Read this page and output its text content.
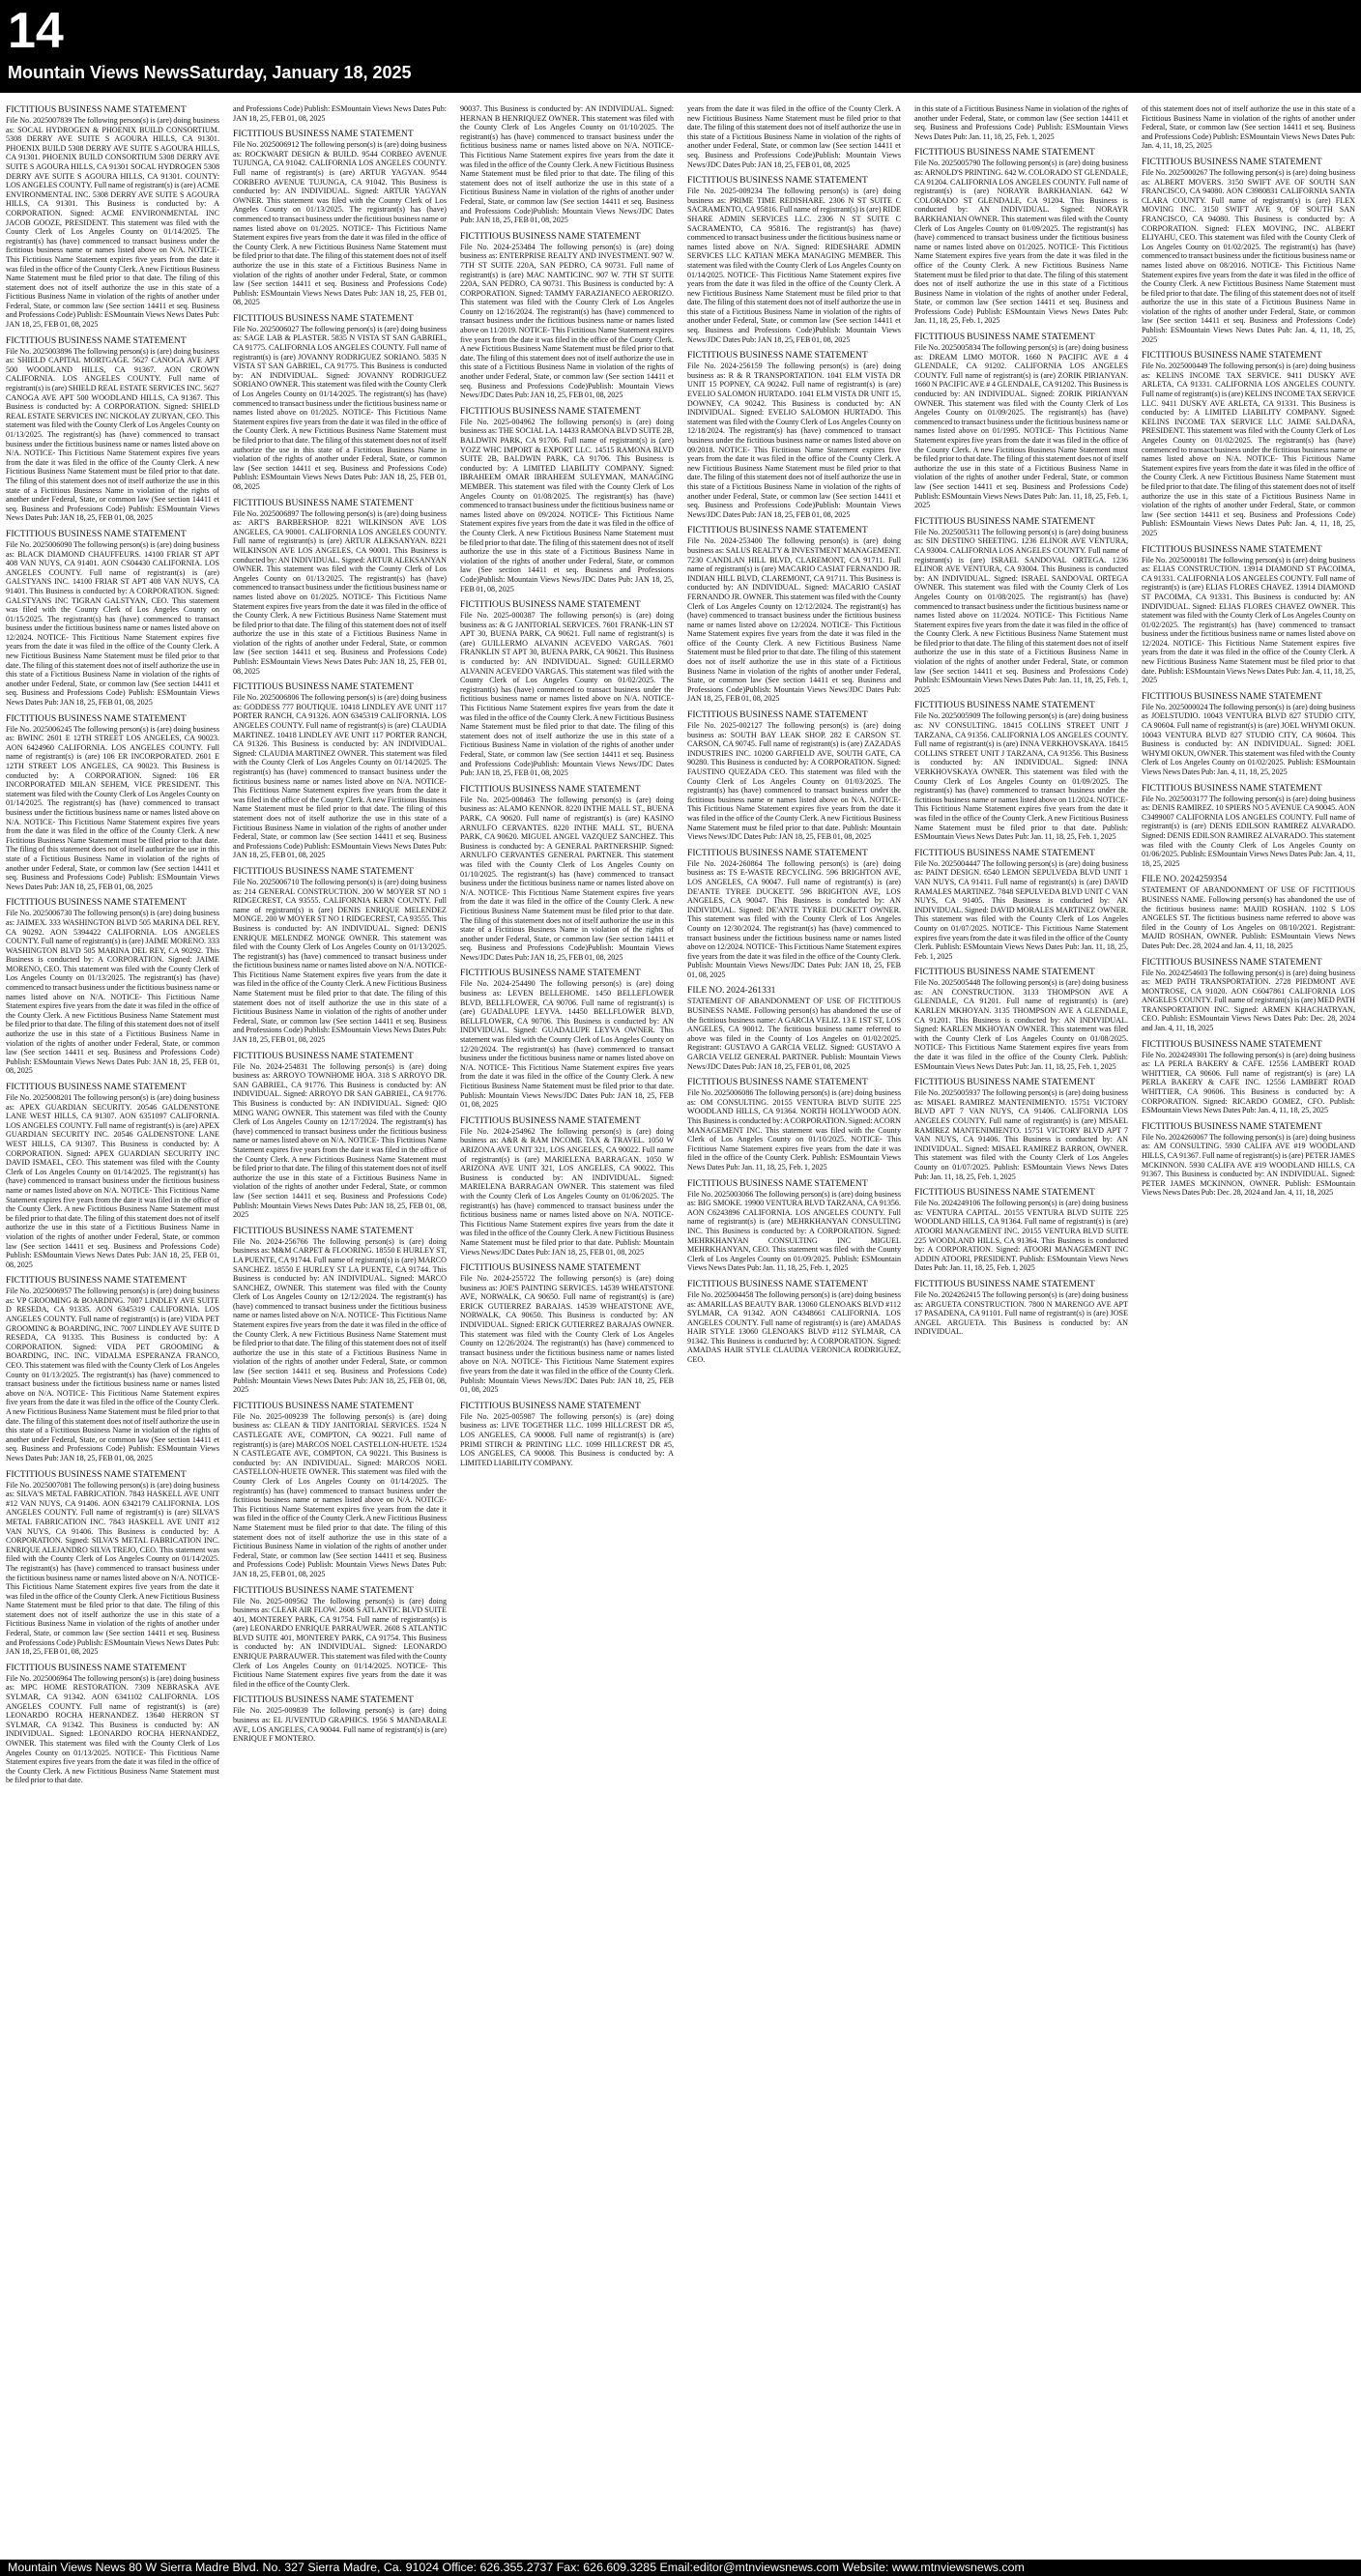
14
Mountain Views NewsSaturday, January 18, 2025
FICTITIOUS BUSINESS NAME STATEMENT

File No. 2025007839 The following person(s) is (are) doing business as: SOCAL HYDROGEN & PHOENIX BUILD CONSORTIUM. 5308 DERRY AVE SUITE S AGOURA HILLS, CA 91301. PHOENIX BUILD 5308 DERRY AVE SUITE S AGOURA HILLS, CA 91301. PHOENIX BUILD CONSORTIUM 5308 DERRY AVE SUITE S AGOURA HILLS, CA 91301 SOCAL HYDROGEN 5308 DERRY AVE SUITE S AGOURA HILLS, CA 91301. COUNTY: LOS ANGELES COUNTY. Full name of registrant(s) is (are) ACME ENVIRONMENTAL INC. 5308 DERRY AVE SUITE S AGOURA HILLS, CA 91301. This Business is conducted by: A CORPORATION. Signed: ACME ENVIRONMENTAL INC JACOB GOOZE, PRESIDENT. This statement was filed with the County Clerk of Los Angeles County on 01/14/2025. The registrant(s) has (have) commenced to transact business under the fictitious business name or names listed above on N/A. NOTICE- This Fictitious Name Statement expires five years from the date it was filed in the office of the County Clerk. A new Fictitious Business Name Statement must be filed prior to that date. The filing of this statement does not of itself authorize the use in this state of a Fictitious Business Name in violation of the rights of another under Federal, State, or common law (See section 14411 et seq. Business and Professions Code) Publish: ESMountain Views News Dates Pub: JAN 18, 25, FEB 01, 08, 2025

FICTITIOUS BUSINESS NAME STATEMENT

File No. 2025003896 The following person(s) is (are) doing business as: SHIELD CAPITAL MORTGAGE. 5627 CANOGA AVE APT 500 WOODLAND HILLS, CA 91367. AON CROWN CALIFORNIA. LOS ANGELES COUNTY. Full name of registrant(s) is (are) SHIELD REAL ESTATE SERVICES INC. 5627 CANOGA AVE APT 500 WOODLAND HILLS, CA 91367. This Business is conducted by: A CORPORATION. Signed: SHIELD REAL ESTATE SERVICES INC NICKOLAY ZURYAN, CEO. This statement was filed with the County Clerk of Los Angeles County on 01/13/2025. The registrant(s) has (have) commenced to transact business under the fictitious business name or names listed above on N/A. NOTICE- This Fictitious Name Statement expires five years from the date it was filed in the office of the County Clerk. A new Fictitious Business Name Statement must be filed prior to that date. The filing of this statement does not of itself authorize the use in this state of a Fictitious Business Name in violation of the rights of another under Federal, State, or common law (See section 14411 et seq. Business and Professions Code) Publish: ESMountain Views News Dates Pub: JAN 18, 25, FEB 01, 08, 2025

FICTITIOUS BUSINESS NAME STATEMENT

File No. 2025006090 The following person(s) is (are) doing business as: BLACK DIAMOND CHAUFFEURS. 14100 FRIAR ST APT 408 VAN NUYS, CA 91401. AON CS04430 CALIFORNIA. LOS ANGELES COUNTY. Full name of registrant(s) is (are) GALSTYANS INC. 14100 FRIAR ST APT 408 VAN NUYS, CA 91401. This Business is conducted by: A CORPORATION. Signed: GALSTYANS INC TIGRAN GALSTYAN, CEO. This statement was filed with the County Clerk of Los Angeles County on 01/15/2025. The registrant(s) has (have) commenced to transact business under the fictitious business name or names listed above on 12/2024. NOTICE- This Fictitious Name Statement expires five years from the date it was filed in the office of the County Clerk. A new Fictitious Business Name Statement must be filed prior to that date. The filing of this statement does not of itself authorize the use in this state of a Fictitious Business Name in violation of the rights of another under Federal, State, or common law (See section 14411 et seq. Business and Professions Code) Publish: ESMountain Views News Dates Pub: JAN 18, 25, FEB 01, 08, 2025

FICTITIOUS BUSINESS NAME STATEMENT

File No. 2025006245 The following person(s) is (are) doing business as: BWINC 2601 E 12TH STREET LOS ANGELES, CA 90023. AON 6424960 CALIFORNIA. LOS ANGELES COUNTY. Full name of registrant(s) is (are) 106 ER INCORPORATED. 2601 E 12TH STREET LOS ANGELES, CA 90023. This Business is conducted by: A CORPORATION. Signed: 106 ER INCORPORATED MILAN SEHEM, VICE PRESIDENT. This statement was filed with the County Clerk of Los Angeles County on 01/14/2025. The registrant(s) has (have) commenced to transact business under the fictitious business name or names listed above on N/A. NOTICE- This Fictitious Name Statement expires five years from the date it was filed in the office of the County Clerk. A new Fictitious Business Name Statement must be filed prior to that date. The filing of this statement does not of itself authorize the use in this state of a Fictitious Business Name in violation of the rights of another under Federal, State, or common law (See section 14411 et seq. Business and Professions Code) Publish: ESMountain Views News Dates Pub: JAN 18, 25, FEB 01, 08, 2025

FICTITIOUS BUSINESS NAME STATEMENT

File No. 2025006730 The following person(s) is (are) doing business as: JAIMEX. 333 WASHINGTON BLVD 505 MARINA DEL REY, CA 90292. AON 5394422 CALIFORNIA. LOS ANGELES COUNTY. Full name of registrant(s) is (are) JAIME MORENO. 333 WASHINGTON BLVD 505 MARINA DEL REY, CA 90292. This Business is conducted by: A CORPORATION. Signed: JAIME MORENO, CEO. This statement was filed with the County Clerk of Los Angeles County on 01/13/2025. The registrant(s) has (have) commenced to transact business under the fictitious business name or names listed above on N/A. NOTICE- This Fictitious Name Statement expires five years from the date it was filed in the office of the County Clerk. A new Fictitious Business Name Statement must be filed prior to that date. The filing of this statement does not of itself authorize the use in this state of a Fictitious Business Name in violation of the rights of another under Federal, State, or common law (See section 14411 et seq. Business and Professions Code) Publish: ESMountain Views News Dates Pub: JAN 18, 25, FEB 01, 08, 2025

FICTITIOUS BUSINESS NAME STATEMENT

File No. 2025008201 The following person(s) is (are) doing business as: APEX GUARDIAN SECURITY. 20546 GALDENSTONE LANE WEST HILLS, CA 91307. AON 6351097 CALIFORNIA. LOS ANGELES COUNTY. Full name of registrant(s) is (are) APEX GUARDIAN SECURITY INC. 20546 GALDENSTONE LANE WEST HILLS, CA 91307. This Business is conducted by: A CORPORATION. Signed: APEX GUARDIAN SECURITY INC DAVID ISMAEL, CEO. This statement was filed with the County Clerk of Los Angeles County on 01/14/2025. The registrant(s) has (have) commenced to transact business under the fictitious business name or names listed above on N/A. NOTICE- This Fictitious Name Statement expires five years from the date it was filed in the office of the County Clerk. A new Fictitious Business Name Statement must be filed prior to that date. The filing of this statement does not of itself authorize the use in this state of a Fictitious Business Name in violation of the rights of another under Federal, State, or common law (See section 14411 et seq. Business and Professions Code) Publish: ESMountain Views News Dates Pub: JAN 18, 25, FEB 01, 08, 2025

FICTITIOUS BUSINESS NAME STATEMENT

File No. 2025006957 The following person(s) is (are) doing business as: VP GROOMING & BOARDING. 7007 LINDLEY AVE SUITE D RESEDA, CA 91335. AON 6345319 CALIFORNIA. LOS ANGELES COUNTY. Full name of registrant(s) is (are) VIDA PET GROOMING & BOARDING, INC. 7007 LINDLEY AVE SUITE D RESEDA, CA 91335. This Business is conducted by: A CORPORATION. Signed: VIDA PET GROOMING & BOARDING, INC. INC. VIDALMA ESPERANZA FRANCO, CEO. This statement was filed with the County Clerk of Los Angeles County on 01/13/2025. The registrant(s) has (have) commenced to transact business under the fictitious business name or names listed above on N/A. NOTICE- This Fictitious Name Statement expires five years from the date it was filed in the office of the County Clerk. A new Fictitious Business Name Statement must be filed prior to that date. The filing of this statement does not of itself authorize the use in this state of a Fictitious Business Name in violation of the rights of another under Federal, State, or common law (See section 14411 et seq. Business and Professions Code) Publish: ESMountain Views News Dates Pub: JAN 18, 25, FEB 01, 08, 2025

FICTITIOUS BUSINESS NAME STATEMENT

File No. 2025007081 The following person(s) is (are) doing business as: SILVA'S METAL FABRICATION. 7843 HASKELL AVE UNIT #12 VAN NUYS, CA 91406. AON 6342179 CALIFORNIA. LOS ANGELES COUNTY. Full name of registrant(s) is (are) SILVA'S METAL FABRICATION INC. 7843 HASKELL AVE UNIT #12 VAN NUYS, CA 91406. This Business is conducted by: A CORPORATION. Signed: SILVA'S METAL FABRICATION INC. ENRIQUE ALEJANDRO SILVA TREJO, CEO. This statement was filed with the County Clerk of Los Angeles County on 01/14/2025. The registrant(s) has (have) commenced to transact business under the fictitious business name or names listed above on N/A. NOTICE- This Fictitious Name Statement expires five years from the date it was filed in the office of the County Clerk. A new Fictitious Business Name Statement must be filed prior to that date. The filing of this statement does not of itself authorize the use in this state of a Fictitious Business Name in violation of the rights of another under Federal, State, or common law (See section 14411 et seq. Business and Professions Code) Publish: ESMountain Views News Dates Pub: JAN 18, 25, FEB 01, 08, 2025

FICTITIOUS BUSINESS NAME STATEMENT

File No. 2025006964 The following person(s) is (are) doing business as: MPC HOME RESTORATION. 7309 NEBRASKA AVE SYLMAR, CA 91342. AON 6341102 CALIFORNIA. LOS ANGELES COUNTY. Full name of registrant(s) is (are) LEONARDO ROCHA HERNANDEZ. 13640 HERRON ST SYLMAR, CA 91342. This Business is conducted by: AN INDIVIDUAL. Signed: LEONARDO ROCHA HERNANDEZ, OWNER. This statement was filed with the County Clerk of Los Angeles County on 01/13/2025. NOTICE- This Fictitious Name Statement expires five years from the date it was filed in the office of the County Clerk. A new Fictitious Business Name Statement must be filed prior to that date.

and Professions Code) Publish: ESMountain Views News Dates Pub: JAN 18, 25, FEB 01, 08, 2025

FICTITIOUS BUSINESS NAME STATEMENT

File No. 2025006912 The following person(s) is (are) doing business as: ROCKWART DESIGN & BUILD. 9544 CORBEO AVENUE TUJUNGA, CA 91042. CALIFORNIA LOS ANGELES COUNTY. Full name of registrant(s) is (are) ARTUR YAGYAN. 9544 CORBERO AVENUE TUJUNGA, CA 91042. This Business is conducted by: AN INDIVIDUAL. Signed: ARTUR YAGYAN OWNER. This statement was filed with the County Clerk of Los Angeles County on 01/13/2025. The registrant(s) has (have) commenced to transact business under the fictitious business name or names listed above on 01/2025. NOTICE- This Fictitious Name Statement expires five years from the date it was filed in the office of the County Clerk. A new Fictitious Business Name Statement must be filed prior to that date. The filing of this statement does not of itself authorize the use in this state of a Fictitious Business Name in violation of the rights of another under Federal, State, or common law (See section 14411 et seq. Business and Professions Code) Publish: ESMountain Views News Dates Pub: JAN 18, 25, FEB 01, 08, 2025

FICTITIOUS BUSINESS NAME STATEMENT

File No. 2025006027 The following person(s) is (are) doing business as: SAGE LAB & PLASTER. 5835 N VISTA ST SAN GABRIEL, CA 91775. CALIFORNIA LOS ANGELES COUNTY. Full name of registrant(s) is (are) JOVANNY RODRIGUEZ SORIANO. 5835 N VISTA ST SAN GABRIEL, CA 91775. This Business is conducted by: AN INDIVIDUAL. Signed: JOVANNY RODRIGUEZ SORIANO OWNER. This statement was filed with the County Clerk of Los Angeles County on 01/14/2025. The registrant(s) has (have) commenced to transact business under the fictitious business name or names listed above on 01/2025. NOTICE- This Fictitious Name Statement expires five years from the date it was filed in the office of the County Clerk. A new Fictitious Business Name Statement must be filed prior to that date. The filing of this statement does not of itself authorize the use in this state of a Fictitious Business Name in violation of the rights of another under Federal, State, or common law (See section 14411 et seq. Business and Professions Code) Publish: ESMountain Views News Dates Pub: JAN 18, 25, FEB 01, 08, 2025

FICTITIOUS BUSINESS NAME STATEMENT

File No. 2025006897 The following person(s) is (are) doing business as: ART'S BARBERSHOP. 8221 WILKINSON AVE LOS ANGELES, CA 90001. CALIFORNIA LOS ANGELES COUNTY. Full name of registrant(s) is (are) ARTUR ALEKSANYAN. 8221 WILKINSON AVE LOS ANGELES, CA 90001. This Business is conducted by: AN INDIVIDUAL. Signed: ARTUR ALEKSANYAN OWNER. This statement was filed with the County Clerk of Los Angeles County on 01/13/2025. The registrant(s) has (have) commenced to transact business under the fictitious business name or names listed above on 01/2025. NOTICE- This Fictitious Name Statement expires five years from the date it was filed in the office of the County Clerk. A new Fictitious Business Name Statement must be filed prior to that date. The filing of this statement does not of itself authorize the use in this state of a Fictitious Business Name in violation of the rights of another under Federal, State, or common law (See section 14411 et seq. Business and Professions Code) Publish: ESMountain Views News Dates Pub: JAN 18, 25, FEB 01, 08, 2025

FICTITIOUS BUSINESS NAME STATEMENT

File No. 2025006806 The following person(s) is (are) doing business as: GODDESS 777 BOUTIQUE. 10418 LINDLEY AVE UNIT 117 PORTER RANCH, CA 91326. AON 6345319 CALIFORNIA. LOS ANGELES COUNTY. Full name of registrant(s) is (are) CLAUDIA MARTINEZ. 10418 LINDLEY AVE UNIT 117 PORTER RANCH, CA 91326. This Business is conducted by: AN INDIVIDUAL. Signed: CLAUDIA MARTINEZ OWNER. This statement was filed with the County Clerk of Los Angeles County on 01/14/2025. The registrant(s) has (have) commenced to transact business under the fictitious business name or names listed above on N/A. NOTICE- This Fictitious Name Statement expires five years from the date it was filed in the office of the County Clerk. A new Fictitious Business Name Statement must be filed prior to that date. The filing of this statement does not of itself authorize the use in this state of a Fictitious Business Name in violation of the rights of another under Federal, State, or common law (See section 14411 et seq. Business and Professions Code) Publish: ESMountain Views News Dates Pub: JAN 18, 25, FEB 01, 08, 2025

FICTITIOUS BUSINESS NAME STATEMENT

File No. 2025006710 The following person(s) is (are) doing business as: 214 GENERAL CONSTRUCTION. 200 W MOYER ST NO 1 RIDGECREST, CA 93555. CALIFORNIA KERN COUNTY. Full name of registrant(s) is (are) DENIS ENRIQUE MELENDEZ MONGE. 200 W MOYER ST NO 1 RIDGECREST, CA 93555. This Business is conducted by: AN INDIVIDUAL. Signed: DENIS ENRIQUE MELENDEZ MONGE OWNER. This statement was filed with the County Clerk of Los Angeles County on 01/13/2025. The registrant(s) has (have) commenced to transact business under the fictitious business name or names listed above on N/A. NOTICE- This Fictitious Name Statement expires five years from the date it was filed in the office of the County Clerk. A new Fictitious Business Name Statement must be filed prior to that date. The filing of this statement does not of itself authorize the use in this state of a Fictitious Business Name in violation of the rights of another under Federal, State, or common law (See section 14411 et seq. Business and Professions Code) Publish: ESMountain Views News Dates Pub: JAN 18, 25, FEB 01, 08, 2025

FICTITIOUS BUSINESS NAME STATEMENT

File No. 2024-254831 The following person(s) is (are) doing business as: ARROYO TOWNHOME HOA. 318 S ARROYO DR. SAN GABRIEL, CA 91776. This Business is conducted by: AN INDIVIDUAL. Signed: ARROYO DR SAN GABRIEL, CA 91776. This Business is conducted by: AN INDIVIDUAL. Signed: QIO MING WANG OWNER. This statement was filed with the County Clerk of Los Angeles County on 12/17/2024. The registrant(s) has (have) commenced to transact business under the fictitious business name or names listed above on N/A. NOTICE- This Fictitious Name Statement expires five years from the date it was filed in the office of the County Clerk. A new Fictitious Business Name Statement must be filed prior to that date. The filing of this statement does not of itself authorize the use in this state of a Fictitious Business Name in violation of the rights of another under Federal, State, or common law (See section 14411 et seq. Business and Professions Code) Publish: Mountain Views News Dates Pub: JAN 18, 25, FEB 01, 08, 2025

FICTITIOUS BUSINESS NAME STATEMENT

File No. 2024-256766 The following person(s) is (are) doing business as: M&M CARPET & FLOORING. 18550 E HURLEY ST, LA PUENTE, CA 91744. Full name of registrant(s) is (are) MARCO SANCHEZ. 18550 E HURLEY ST LA PUENTE, CA 91744. This Business is conducted by: AN INDIVIDUAL. Signed: MARCO SANCHEZ, OWNER. This statement was filed with the County Clerk of Los Angeles County on 12/12/2024. The registrant(s) has (have) commenced to transact business under the fictitious business name or names listed above on N/A. NOTICE- This Fictitious Name Statement expires five years from the date it was filed in the office of the County Clerk. A new Fictitious Business Name Statement must be filed prior to that date. The filing of this statement does not of itself authorize the use in this state of a Fictitious Business Name in violation of the rights of another under Federal, State, or common law (See section 14411 et seq. Business and Professions Code) Publish: Mountain Views News Dates Pub: JAN 18, 25, FEB 01, 08, 2025

FICTITIOUS BUSINESS NAME STATEMENT

File No. 2025-009239 The following person(s) is (are) doing business as: CLEAN & TIDY JANITORIAL SERVICES. 1524 N CASTLEGATE AVE, COMPTON, CA 90221. Full name of registrant(s) is (are) MARCOS NOEL CASTELLON-HUETE. 1524 N CASTLEGATE AVE, COMPTON, CA 90221. This Business is conducted by: AN INDIVIDUAL. Signed: MARCOS NOEL CASTELLON-HUETE OWNER. This statement was filed with the County Clerk of Los Angeles County on 01/14/2025. The registrant(s) has (have) commenced to transact business under the fictitious business name or names listed above on N/A. NOTICE- This Fictitious Name Statement expires five years from the date it was filed in the office of the County Clerk. A new Fictitious Business Name Statement must be filed prior to that date. The filing of this statement does not of itself authorize the use in this state of a Fictitious Business Name in violation of the rights of another under Federal, State, or common law (See section 14411 et seq. Business and Professions Code) Publish: Mountain Views News Dates Pub: JAN 18, 25, FEB 01, 08, 2025

FICTITIOUS BUSINESS NAME STATEMENT

File No. 2025-009562 The following person(s) is (are) doing business as: CLEAR AIR FLOW. 2608 S ATLANTIC BLVD SUITE 401, MONTEREY PARK, CA 91754. Full name of registrant(s) is (are) LEONARDO ENRIQUE PARRAUWER. 2608 S ATLANTIC BLVD SUITE 401, MONTEREY PARK, CA 91754. This Business is conducted by: AN INDIVIDUAL. Signed: LEONARDO ENRIQUE PARRAUWER. This statement was filed with the County Clerk of Los Angeles County on 01/14/2025. NOTICE- This Fictitious Name Statement expires five years from the date it was filed in the office of the County Clerk.

FICTITIOUS BUSINESS NAME STATEMENT

File No. 2025-009839 The following person(s) is (are) doing business as: EL JUVENTUD GRAPHICS. 1956 S MANDARALE AVE, LOS ANGELES, CA 90044. Full name of registrant(s) is (are) ENRIQUE F MONTERO.

90037. This Business is conducted by: AN INDIVIDUAL. Signed: HERNAN B HENRIQUEZ OWNER. This statement was filed with the County Clerk of Los Angeles County on 01/10/2025. The registrant(s) has (have) commenced to transact business under the fictitious business name or names listed above on N/A. NOTICE- This Fictitious Name Statement expires five years from the date it was filed in the office of the County Clerk. A new Fictitious Business Name Statement must be filed prior to that date. The filing of this statement does not of itself authorize the use in this state of a Fictitious Business Name in violation of the rights of another under Federal, State, or common law (See section 14411 et seq. Business and Professions Code)Publish: Mountain Views News/JDC Dates Pub: JAN 18, 25, FEB 01, 08, 2025

FICTITIOUS BUSINESS NAME STATEMENT

File No. 2024-253484 The following person(s) is (are) doing business as: ENTERPRISE REALTY AND INVESTMENT. 907 W. 7TH ST SUITE 220A, SAN PEDRO, CA 90731. Full name of registrant(s) is (are) MAC NAMTICINC. 907 W. 7TH ST SUITE 220A, SAN PEDRO, CA 90731. This Business is conducted by: A CORPORATION. Signed: TAMMY FARAZIANECO AERORIZO. This statement was filed with the County Clerk of Los Angeles County on 12/16/2024. The registrant(s) has (have) commenced to transact business under the fictitious business name or names listed above on 11/2019. NOTICE- This Fictitious Name Statement expires five years from the date it was filed in the office of the County Clerk. A new Fictitious Business Name Statement must be filed prior to that date. The filing of this statement does not of itself authorize the use in this state of a Fictitious Business Name in violation of the rights of another under Federal, State, or common law (See section 14411 et seq. Business and Professions Code)Publish: Mountain Views News/JDC Dates Pub: JAN 18, 25, FEB 01, 08, 2025

FICTITIOUS BUSINESS NAME STATEMENT

File No. 2025-004962 The following person(s) is (are) doing business as: THE SOCIAL LA. 14433 RAMONA BLVD SUITE 2B, BALDWIN PARK, CA 91706. Full name of registrant(s) is (are) YOZZ WHC IMPORT & EXPORT LLC. 14515 RAMONA BLVD SUITE 2B, BALDWIN PARK, CA 91706. This Business is conducted by: A LIMITED LIABILITY COMPANY. Signed: IBRAHEEM OMAR IBRAHEEM SULEYMAN, MANAGING MEMBER. This statement was filed with the County Clerk of Los Angeles County on 01/08/2025. The registrant(s) has (have) commenced to transact business under the fictitious business name or names listed above on 09/2024. NOTICE- This Fictitious Name Statement expires five years from the date it was filed in the office of the County Clerk. A new Fictitious Business Name Statement must be filed prior to that date. The filing of this statement does not of itself authorize the use in this state of a Fictitious Business Name in violation of the rights of another under Federal, State, or common law (See section 14411 et seq. Business and Professions Code)Publish: Mountain Views News/JDC Dates Pub: JAN 18, 25, FEB 01, 08, 2025

FICTITIOUS BUSINESS NAME STATEMENT

File No. 2025-000387 The following person(s) is (are) doing business as: & G JANITORIAL SERVICES. 7601 FRANK-LIN ST APT 30, BUENA PARK, CA 90621. Full name of registrant(s) is (are) GUILLERMO ALVANIN ACEVEDO VARGAS. 7601 FRANKLIN ST APT 30, BUENA PARK, CA 90621. This Business is conducted by: AN INDIVIDUAL. Signed: GUILLERMO ALVANIN ACEVEDO VARGAS. This statement was filed with the County Clerk of Los Angeles County on 01/02/2025. The registrant(s) has (have) commenced to transact business under the fictitious business name or names listed above on N/A. NOTICE- This Fictitious Name Statement expires five years from the date it was filed in the office of the County Clerk. A new Fictitious Business Name Statement must be filed prior to that date. The filing of this statement does not of itself authorize the use in this state of a Fictitious Business Name in violation of the rights of another under Federal, State, or common law (See section 14411 et seq. Business and Professions Code)Publish: Mountain Views News/JDC Dates Pub: JAN 18, 25, FEB 01, 08, 2025

FICTITIOUS BUSINESS NAME STATEMENT

File No. 2025-008463 The following person(s) is (are) doing business as: ALAMO KENNOR. 8220 INTHE MALL ST., BUENA PARK, CA 90620. Full name of registrant(s) is (are) KASINO ARNULFO CERVANTES. 8220 INTHE MALL ST., BUENA PARK, CA 90620. MIGUEL ANGEL VAZQUEZ SANCHEZ. This Business is conducted by: A GENERAL PARTNERSHIP. Signed: ARNULFO CERVANTES GENERAL PARTNER. This statement was filed with the County Clerk of Los Angeles County on 01/10/2025. The registrant(s) has (have) commenced to transact business under the fictitious business name or names listed above on N/A. NOTICE- This Fictitious Name Statement expires five years from the date it was filed in the office of the County Clerk. A new Fictitious Business Name Statement must be filed prior to that date. The filing of this statement does not of itself authorize the use in this state of a Fictitious Business Name in violation of the rights of another under Federal, State, or common law (See section 14411 et seq. Business and Professions Code)Publish: Mountain Views News/JDC Dates Pub: JAN 18, 25, FEB 01, 08, 2025

FICTITIOUS BUSINESS NAME STATEMENT

File No. 2024-254490 The following person(s) is (are) doing business as: LEVEN BELLEHOME. 1450 BELLEFLOWER BLVD, BELLFLOWER, CA 90706. Full name of registrant(s) is (are) GUADALUPE LEYVA. 14450 BELLFLOWER BLVD, BELLFLOWER, CA 90706. This Business is conducted by: AN INDIVIDUAL. Signed: GUADALUPE LEYVA OWNER. This statement was filed with the County Clerk of Los Angeles County on 12/20/2024. The registrant(s) has (have) commenced to transact business under the fictitious business name or names listed above on N/A. NOTICE- This Fictitious Name Statement expires five years from the date it was filed in the office of the County Clerk. A new Fictitious Business Name Statement must be filed prior to that date. Publish: Mountain Views News/JDC Dates Pub: JAN 18, 25, FEB 01, 08, 2025

FICTITIOUS BUSINESS NAME STATEMENT

File No. 2024-254962 The following person(s) is (are) doing business as: A&R & RAM INCOME TAX & TRAVEL. 1050 W ARIZONA AVE UNIT 321, LOS ANGELES, CA 90022. Full name of registrant(s) is (are) MARIELENA BARRAGAN. 1050 W ARIZONA AVE UNIT 321, LOS ANGELES, CA 90022. This Business is conducted by: AN INDIVIDUAL. Signed: MARIELENA BARRAGAN OWNER. This statement was filed with the County Clerk of Los Angeles County on 01/06/2025. The registrant(s) has (have) commenced to transact business under the fictitious business name or names listed above on N/A. NOTICE- This Fictitious Name Statement expires five years from the date it was filed in the office of the County Clerk. A new Fictitious Business Name Statement must be filed prior to that date. Publish: Mountain Views News/JDC Dates Pub: JAN 18, 25, FEB 01, 08, 2025

FICTITIOUS BUSINESS NAME STATEMENT

File No. 2024-255722 The following person(s) is (are) doing business as: JOE'S PAINTING SERVICES. 14539 WHEATSTONE AVE, NORWALK, CA 90650. Full name of registrant(s) is (are) ERICK GUTIERREZ BARAJAS. 14539 WHEATSTONE AVE, NORWALK, CA 90650. This Business is conducted by: AN INDIVIDUAL. Signed: ERICK GUTIERREZ BARAJAS OWNER. This statement was filed with the County Clerk of Los Angeles County on 12/26/2024. The registrant(s) has (have) commenced to transact business under the fictitious business name or names listed above on N/A. NOTICE- This Fictitious Name Statement expires five years from the date it was filed in the office of the County Clerk. Publish: Mountain Views News/JDC Dates Pub: JAN 18, 25, FEB 01, 08, 2025

FICTITIOUS BUSINESS NAME STATEMENT

File No. 2025-005987 The following person(s) is (are) doing business as: LIVE TOGETHER LLC. 1099 HILLCREST DR #5, LOS ANGELES, CA 90008. Full name of registrant(s) is (are) PRIMI STIRCH & PRINTING LLC. 1099 HILLCREST DR #5, LOS ANGELES, CA 90008. This Business is conducted by: A LIMITED LIABILITY COMPANY.

years from the date it was filed in the office of the County Clerk. A new Fictitious Business Name Statement must be filed prior to that date. The filing of this statement does not of itself authorize the use in this state of a Fictitious Business Name in violation of the rights of another under Federal, State, or common law (See section 14411 et seq. Business and Professions Code)Publish: Mountain Views News/JDC Dates Pub: JAN 18, 25, FEB 01, 08, 2025

FICTITIOUS BUSINESS NAME STATEMENT

File No. 2025-009234 The following person(s) is (are) doing business as: PRIME TIME REDISHARE. 2306 N ST SUITE C SACRAMENTO, CA 95816. Full name of registrant(s) is (are) RIDE SHARE ADMIN SERVICES LLC. 2306 N ST SUITE C SACRAMENTO, CA 95816. The registrant(s) has (have) commenced to transact business under the fictitious business name or names listed above on N/A. Signed: RIDESHARE ADMIN SERVICES LLC KATIAN MEKA MANAGING MEMBER. This statement was filed with the County Clerk of Los Angeles County on 01/14/2025. NOTICE- This Fictitious Name Statement expires five years from the date it was filed in the office of the County Clerk. A new Fictitious Business Name Statement must be filed prior to that date. The filing of this statement does not of itself authorize the use in this state of a Fictitious Business Name in violation of the rights of another under Federal, State, or common law (See section 14411 et seq. Business and Professions Code)Publish: Mountain Views News/JDC Dates Pub: JAN 18, 25, FEB 01, 08, 2025

FICTITIOUS BUSINESS NAME STATEMENT

File No. 2024-256159 The following person(s) is (are) doing business as: R & R TRANSPORTATION. 1041 ELM VISTA DR UNIT 15 POPNEY, CA 90242. Full name of registrant(s) is (are) EVELIO SALOMON HURTADO. 1041 ELM VISTA DR UNIT 15, DOWNEY, CA 90242. This Business is conducted by: AN INDIVIDUAL. Signed: EVELIO SALOMON HURTADO. This statement was filed with the County Clerk of Los Angeles County on 12/18/2024. The registrant(s) has (have) commenced to transact business under the fictitious business name or names listed above on 09/2018. NOTICE- This Fictitious Name Statement expires five years from the date it was filed in the office of the County Clerk. A new Fictitious Business Name Statement must be filed prior to that date. The filing of this statement does not of itself authorize the use in this state of a Fictitious Business Name in violation of the rights of another under Federal, State, or common law (See section 14411 et seq. Business and Professions Code)Publish: Mountain Views News/JDC Dates Pub: JAN 18, 25, FEB 01, 08, 2025

FICTITIOUS BUSINESS NAME STATEMENT

File No. 2024-253400 The following person(s) is (are) doing business as: SALUS REALTY & INVESTMENT MANAGEMENT. 7230 CANDLAN HILL BLVD, CLAREMONT, CA 91711. Full name of registrant(s) is (are) MACARIO CASIAT FERNANDO JR. INDIAN HILL BLVD, CLAREMONT, CA 91711. This Business is conducted by: AN INDIVIDUAL. Signed: MACARIO CASIAT FERNANDO JR. OWNER. This statement was filed with the County Clerk of Los Angeles County on 12/12/2024. The registrant(s) has (have) commenced to transact business under the fictitious business name or names listed above on 12/2024. NOTICE- This Fictitious Name Statement expires five years from the date it was filed in the office of the County Clerk. A new Fictitious Business Name Statement must be filed prior to that date. The filing of this statement does not of itself authorize the use in this state of a Fictitious Business Name in violation of the rights of another under Federal, State, or common law (See section 14411 et seq. Business and Professions Code)Publish: Mountain Views News/JDC Dates Pub: JAN 18, 25, FEB 01, 08, 2025

FICTITIOUS BUSINESS NAME STATEMENT

File No. 2025-002127 The following person(s) is (are) doing business as: SOUTH BAY LEAK SHOP. 282 E CARSON ST. CARSON, CA 90745. Full name of registrant(s) is (are) ZAZADAS INDUSTRIES INC. 10200 GARFIELD AVE, SOUTH GATE, CA 90280. This Business is conducted by: A CORPORATION. Signed: FAUSTINO QUEZADA CEO. This statement was filed with the County Clerk of Los Angeles County on 01/03/2025. The registrant(s) has (have) commenced to transact business under the fictitious business name or names listed above on N/A. NOTICE- This Fictitious Name Statement expires five years from the date it was filed in the office of the County Clerk. A new Fictitious Business Name Statement must be filed prior to that date. Publish: Mountain Views News/JDC Dates Pub: JAN 18, 25, FEB 01, 08, 2025

FICTITIOUS BUSINESS NAME STATEMENT

File No. 2024-260864 The following person(s) is (are) doing business as: TS E-WASTE RECYCLING. 596 BRIGHTON AVE, LOS ANGELES, CA 90047. Full name of registrant(s) is (are) DE'ANTE TYREE DUCKETT. 596 BRIGHTON AVE, LOS ANGELES, CA 90047. This Business is conducted by: AN INDIVIDUAL. Signed: DE'ANTE TYREE DUCKETT OWNER. This statement was filed with the County Clerk of Los Angeles County on 12/30/2024. The registrant(s) has (have) commenced to transact business under the fictitious business name or names listed above on 12/2024. NOTICE- This Fictitious Name Statement expires five years from the date it was filed in the office of the County Clerk. Publish: Mountain Views News/JDC Dates Pub: JAN 18, 25, FEB 01, 08, 2025

FILE NO. 2024-261331

STATEMENT OF ABANDONMENT OF USE OF FICTITIOUS BUSINESS NAME. Following person(s) has abandoned the use of the fictitious business name: A GARCIA VELIZ. 13 E 1ST ST, LOS ANGELES, CA 90012. The fictitious business name referred to above was filed in the County of Los Angeles on 01/02/2025. Registrant: GUSTAVO A GARCIA VELIZ. Signed: GUSTAVO A GARCIA VELIZ GENERAL PARTNER. Publish: Mountain Views News/JDC Dates Pub: JAN 18, 25, FEB 01, 08, 2025

FICTITIOUS BUSINESS NAME STATEMENT

File No. 2025006086 The following person(s) is (are) doing business as: OM CONSULTING. 20155 VENTURA BLVD SUITE 225 WOODLAND HILLS, CA 91364. NORTH HOLLYWOOD AON. This Business is conducted by: A CORPORATION. Signed: ACORN MANAGEMENT INC. This statement was filed with the County Clerk of Los Angeles County on 01/10/2025. NOTICE- This Fictitious Name Statement expires five years from the date it was filed in the office of the County Clerk. Publish: ESMountain Views News Dates Pub: Jan. 11, 18, 25, Feb. 1, 2025

FICTITIOUS BUSINESS NAME STATEMENT

File No. 2025003066 The following person(s) is (are) doing business as: BIG SMOKE. 19900 VENTURA BLVD TARZANA, CA 91356. AON C6243896 CALIFORNIA. LOS ANGELES COUNTY. Full name of registrant(s) is (are) MEHRKHANYAN CONSULTING INC. This Business is conducted by: A CORPORATION. Signed: MEHRKHANYAN CONSULTING INC MIGUEL MEHRKHANYAN, CEO. This statement was filed with the County Clerk of Los Angeles County on 01/09/2025. Publish: ESMountain Views News Dates Pub: Jan. 11, 18, 25, Feb. 1, 2025

FICTITIOUS BUSINESS NAME STATEMENT

File No. 2025004458 The following person(s) is (are) doing business as: AMARILLAS BEAUTY BAR. 13060 GLENOAKS BLVD #112 SYLMAR, CA 91342. AON C4348661 CALIFORNIA. LOS ANGELES COUNTY. Full name of registrant(s) is (are) AMADAS HAIR STYLE 13060 GLENOAKS BLVD #112 SYLMAR, CA 91342. This Business is conducted by: A CORPORATION. Signed: AMADAS HAIR STYLE CLAUDIA VERONICA RODRIGUEZ, CEO.

in this state of a Fictitious Business Name in violation of the rights of another under Federal, State, or common law (See section 14411 et seq. Business and Professions Code) Publish: ESMountain Views News Dates Pub: Jan. 11, 18, 25, Feb. 1, 2025

FICTITIOUS BUSINESS NAME STATEMENT

File No. 2025005790 The following person(s) is (are) doing business as: ARNOLD'S PRINTING. 642 W. COLORADO ST GLENDALE, CA 91204. CALIFORNIA LOS ANGELES COUNTY. Full name of registrant(s) is (are) NORAYR BARKHANIAN. 642 W COLORADO ST GLENDALE, CA 91204. This Business is conducted by: AN INDIVIDUAL. Signed: NORAYR BARKHANIAN OWNER. This statement was filed with the County Clerk of Los Angeles County on 01/09/2025. The registrant(s) has (have) commenced to transact business under the fictitious business name or names listed above on 01/2025. NOTICE- This Fictitious Name Statement expires five years from the date it was filed in the office of the County Clerk. A new Fictitious Business Name Statement must be filed prior to that date. The filing of this statement does not of itself authorize the use in this state of a Fictitious Business Name in violation of the rights of another under Federal, State, or common law (See section 14411 et seq. Business and Professions Code) Publish: ESMountain Views News Dates Pub: Jan. 11, 18, 25, Feb. 1, 2025

FICTITIOUS BUSINESS NAME STATEMENT

File No. 2025005834 The following person(s) is (are) doing business as: DREAM LIMO MOTOR. 1660 N PACIFIC AVE # 4 GLENDALE, CA 91202. CALIFORNIA LOS ANGELES COUNTY. Full name of registrant(s) is (are) ZORIK PIRIANYAN. 1660 N PACIFIC AVE # 4 GLENDALE, CA 91202. This Business is conducted by: AN INDIVIDUAL. Signed: ZORIK PIRIANYAN OWNER. This statement was filed with the County Clerk of Los Angeles County on 01/09/2025. The registrant(s) has (have) commenced to transact business under the fictitious business name or names listed above on 01/1995. NOTICE- This Fictitious Name Statement expires five years from the date it was filed in the office of the County Clerk. A new Fictitious Business Name Statement must be filed prior to that date. The filing of this statement does not of itself authorize the use in this state of a Fictitious Business Name in violation of the rights of another under Federal, State, or common law (See section 14411 et seq. Business and Professions Code) Publish: ESMountain Views News Dates Pub: Jan. 11, 18, 25, Feb. 1, 2025

FICTITIOUS BUSINESS NAME STATEMENT

File No. 2025005311 The following person(s) is (are) doing business as: SIN DESTINO SHEETING. 1236 ELINOR AVE VENTURA, CA 93004. CALIFORNIA LOS ANGELES COUNTY. Full name of registrant(s) is (are) ISRAEL SANDOVAL ORTEGA. 1236 ELINOR AVE VENTURA, CA 93004. This Business is conducted by: AN INDIVIDUAL. Signed: ISRAEL SANDOVAL ORTEGA OWNER. This statement was filed with the County Clerk of Los Angeles County on 01/08/2025. The registrant(s) has (have) commenced to transact business under the fictitious business name or names listed above on 11/2024. NOTICE- This Fictitious Name Statement expires five years from the date it was filed in the office of the County Clerk. A new Fictitious Business Name Statement must be filed prior to that date. The filing of this statement does not of itself authorize the use in this state of a Fictitious Business Name in violation of the rights of another under Federal, State, or common law (See section 14411 et seq. Business and Professions Code) Publish: ESMountain Views News Dates Pub: Jan. 11, 18, 25, Feb. 1, 2025

FICTITIOUS BUSINESS NAME STATEMENT

File No. 2025005909 The following person(s) is (are) doing business as: NV CONSULTING. 18415 COLLINS STREET UNIT J TARZANA, CA 91356. CALIFORNIA LOS ANGELES COUNTY. Full name of registrant(s) is (are) INNA VERKHOVSKAYA. 18415 COLLINS STREET UNIT J TARZANA, CA 91356. This Business is conducted by: AN INDIVIDUAL. Signed: INNA VERKHOVSKAYA OWNER. This statement was filed with the County Clerk of Los Angeles County on 01/09/2025. The registrant(s) has (have) commenced to transact business under the fictitious business name or names listed above on 11/2024. NOTICE- This Fictitious Name Statement expires five years from the date it was filed in the office of the County Clerk. A new Fictitious Business Name Statement must be filed prior to that date. Publish: ESMountain Views News Dates Pub: Jan. 11, 18, 25, Feb. 1, 2025

FICTITIOUS BUSINESS NAME STATEMENT

File No. 2025004447 The following person(s) is (are) doing business as: PAINT DESIGN. 6540 LEMON SEPULVEDA BLVD UNIT 1 VAN NUYS, CA 91411. Full name of registrant(s) is (are) DAVID RAMALES MARTINEZ. 7848 SEPULVEDA BLVD UNIT C VAN NUYS, CA 91405. This Business is conducted by: AN INDIVIDUAL. Signed: DAVID MORALES MARTINEZ OWNER. This statement was filed with the County Clerk of Los Angeles County on 01/07/2025. NOTICE- This Fictitious Name Statement expires five years from the date it was filed in the office of the County Clerk. Publish: ESMountain Views News Dates Pub: Jan. 11, 18, 25, Feb. 1, 2025

FICTITIOUS BUSINESS NAME STATEMENT

File No. 2025005448 The following person(s) is (are) doing business as: AN CONSTRUCTION. 3133 THOMPSON AVE A GLENDALE, CA 91201. Full name of registrant(s) is (are) KARLEN MKHOYAN. 3135 THOMPSON AVE A GLENDALE, CA 91201. This Business is conducted by: AN INDIVIDUAL. Signed: KARLEN MKHOYAN OWNER. This statement was filed with the County Clerk of Los Angeles County on 01/08/2025. NOTICE- This Fictitious Name Statement expires five years from the date it was filed in the office of the County Clerk. Publish: ESMountain Views News Dates Pub: Jan. 11, 18, 25, Feb. 1, 2025

FICTITIOUS BUSINESS NAME STATEMENT

File No. 2025005937 The following person(s) is (are) doing business as: MISAEL RAMIREZ MANTENIMIENTO. 15751 VICTORY BLVD APT 7 VAN NUYS, CA 91406. CALIFORNIA LOS ANGELES COUNTY. Full name of registrant(s) is (are) MISAEL RAMIREZ MANTENIMIENTO. 15751 VICTORY BLVD APT 7 VAN NUYS, CA 91406. This Business is conducted by: AN INDIVIDUAL. Signed: MISAEL RAMIREZ BARRON, OWNER. This statement was filed with the County Clerk of Los Angeles County on 01/07/2025. Publish: ESMountain Views News Dates Pub: Jan. 11, 18, 25, Feb. 1, 2025

FICTITIOUS BUSINESS NAME STATEMENT

File No. 2024249106 The following person(s) is (are) doing business as: VENTURA CAPITAL. 20155 VENTURA BLVD SUITE 225 WOODLAND HILLS, CA 91364. Full name of registrant(s) is (are) ATOORI MANAGEMENT INC. 20155 VENTURA BLVD SUITE 225 WOODLAND HILLS, CA 91364. This Business is conducted by: A CORPORATION. Signed: ATOORI MANAGEMENT INC ADDIN ATOORI, PRESIDENT. Publish: ESMountain Views News Dates Pub: Jan. 11, 18, 25, Feb. 1, 2025

FICTITIOUS BUSINESS NAME STATEMENT

File No. 2024262415 The following person(s) is (are) doing business as: ARGUETA CONSTRUCTION. 7800 N MARENGO AVE APT 17 PASADENA, CA 91101. Full name of registrant(s) is (are) JOSE ANGEL ARGUETA. This Business is conducted by: AN INDIVIDUAL.

of this statement does not of itself authorize the use in this state of a Fictitious Business Name in violation of the rights of another under Federal, State, or common law (See section 14411 et seq. Business and Professions Code) Publish: ESMountain Views News Dates Pub: Jan. 4, 11, 18, 25, 2025

FICTITIOUS BUSINESS NAME STATEMENT

File No. 2025000267 The following person(s) is (are) doing business as: ALBERT MOVERS. 3150 SWIFT AVE OF SOUTH SAN FRANCISCO, CA 94080. AON C3980831 CALIFORNIA SANTA CLARA COUNTY. Full name of registrant(s) is (are) FLEX MOVING INC. 3150 SWIFT AVE 9, OF SOUTH SAN FRANCISCO, CA 94080. This Business is conducted by: A CORPORATION. Signed: FLEX MOVING, INC. ALBERT ELIYAHU, CEO. This statement was filed with the County Clerk of Los Angeles County on 01/02/2025. The registrant(s) has (have) commenced to transact business under the fictitious business name or names listed above on 08/2016. NOTICE- This Fictitious Name Statement expires five years from the date it was filed in the office of the County Clerk. A new Fictitious Business Name Statement must be filed prior to that date. The filing of this statement does not of itself authorize the use in this state of a Fictitious Business Name in violation of the rights of another under Federal, State, or common law (See section 14411 et seq. Business and Professions Code) Publish: ESMountain Views News Dates Pub: Jan. 4, 11, 18, 25, 2025

FICTITIOUS BUSINESS NAME STATEMENT

File No. 2025000449 The following person(s) is (are) doing business as: KELINS INCOME TAX SERVICE. 9411 DUSKY AVE ARLETA, CA 91331. CALIFORNIA LOS ANGELES COUNTY. Full name of registrant(s) is (are) KELINS INCOME TAX SERVICE LLC. 9411 DUSKY AVE ARLETA, CA 91331. This Business is conducted by: A LIMITED LIABILITY COMPANY. Signed: KELINS INCOME TAX SERVICE LLC JAIME SALDAÑA, PRESIDENT. This statement was filed with the County Clerk of Los Angeles County on 01/02/2025. The registrant(s) has (have) commenced to transact business under the fictitious business name or names listed above on N/A. NOTICE- This Fictitious Name Statement expires five years from the date it was filed in the office of the County Clerk. A new Fictitious Business Name Statement must be filed prior to that date. The filing of this statement does not of itself authorize the use in this state of a Fictitious Business Name in violation of the rights of another under Federal, State, or common law (See section 14411 et seq. Business and Professions Code) Publish: ESMountain Views News Dates Pub: Jan. 4, 11, 18, 25, 2025

FICTITIOUS BUSINESS NAME STATEMENT

File No. 2025000181 The following person(s) is (are) doing business as: ELIAS CONSTRUCTION. 13914 DIAMOND ST PACOIMA, CA 91331. CALIFORNIA LOS ANGELES COUNTY. Full name of registrant(s) is (are) ELIAS FLORES CHAVEZ. 13914 DIAMOND ST PACOIMA, CA 91331. This Business is conducted by: AN INDIVIDUAL. Signed: ELIAS FLORES CHAVEZ OWNER. This statement was filed with the County Clerk of Los Angeles County on 01/02/2025. The registrant(s) has (have) commenced to transact business under the fictitious business name or names listed above on 12/2024. NOTICE- This Fictitious Name Statement expires five years from the date it was filed in the office of the County Clerk. A new Fictitious Business Name Statement must be filed prior to that date. Publish: ESMountain Views News Dates Pub: Jan. 4, 11, 18, 25, 2025

FICTITIOUS BUSINESS NAME STATEMENT

File No. 2025000024 The following person(s) is (are) doing business as JOELSTUDIO. 10043 VENTURA BLVD 827 STUDIO CITY, CA 90604. Full name of registrant(s) is (are) JOEL WHYMI OKUN. 10043 VENTURA BLVD 827 STUDIO CITY, CA 90604. This Business is conducted by: AN INDIVIDUAL. Signed: JOEL WHYMI OKUN, OWNER. This statement was filed with the County Clerk of Los Angeles County on 01/02/2025. Publish: ESMountain Views News Dates Pub: Jan. 4, 11, 18, 25, 2025

FICTITIOUS BUSINESS NAME STATEMENT

File No. 2025003177 The following person(s) is (are) doing business as: DENIS RAMIREZ. 10 SPIERS NO 5 AVENUE CA 90045. AON C3499007 CALIFORNIA LOS ANGELES COUNTY. Full name of registrant(s) is (are) DENIS EDILSON RAMIREZ ALVARADO. Signed: DENIS EDILSON RAMIREZ ALVARADO. This statement was filed with the County Clerk of Los Angeles County on 01/06/2025. Publish: ESMountain Views News Dates Pub: Jan. 4, 11, 18, 25, 2025

FILE NO. 2024259354

STATEMENT OF ABANDONMENT OF USE OF FICTITIOUS BUSINESS NAME. Following person(s) has abandoned the use of the fictitious business name: MAJID ROSHAN. 1102 S LOS ANGELES ST. The fictitious business name referred to above was filed in the County of Los Angeles on 08/10/2021. Registrant: MAJID ROSHAN, OWNER. Publish: ESMountain Views News Dates Pub: Dec. 28, 2024 and Jan. 4, 11, 18, 2025

FICTITIOUS BUSINESS NAME STATEMENT

File No. 2024254603 The following person(s) is (are) doing business as: MED PATH TRANSPORTATION. 2728 PIEDMONT AVE MONTROSE, CA 91020. AON C6047861 CALIFORNIA LOS ANGELES COUNTY. Full name of registrant(s) is (are) MED PATH TRANSPORTATION INC. Signed: ARMEN KHACHATRYAN, CEO. Publish: ESMountain Views News Dates Pub: Dec. 28, 2024 and Jan. 4, 11, 18, 2025

FICTITIOUS BUSINESS NAME STATEMENT

File No. 2024249301 The following person(s) is (are) doing business as: LA PERLA BAKERY & CAFE. 12556 LAMBERT ROAD WHITTIER, CA 90606. Full name of registrant(s) is (are) LA PERLA BAKERY & CAFE INC. 12556 LAMBERT ROAD WHITTIER, CA 90606. This Business is conducted by: A CORPORATION. Signed: RICARDO GOMEZ, CFO. Publish: ESMountain Views News Dates Pub: Jan. 4, 11, 18, 25, 2025

FICTITIOUS BUSINESS NAME STATEMENT

File No. 2024260067 The following person(s) is (are) doing business as: AM CONSULTING. 5930 CALIFA AVE #19 WOODLAND HILLS, CA 91367. Full name of registrant(s) is (are) PETER JAMES MCKINNON. 5930 CALIFA AVE #19 WOODLAND HILLS, CA 91367. This Business is conducted by: AN INDIVIDUAL. Signed: PETER JAMES MCKINNON, OWNER. Publish: ESMountain Views News Dates Pub: Dec. 28, 2024 and Jan. 4, 11, 18, 2025

Mountain Views News 80 W Sierra Madre Blvd. No. 327 Sierra Madre, Ca. 91024 Office: 626.355.2737 Fax: 626.609.3285 Email:editor@mtnviewsnews.com Website: www.mtnviewsnews.com
